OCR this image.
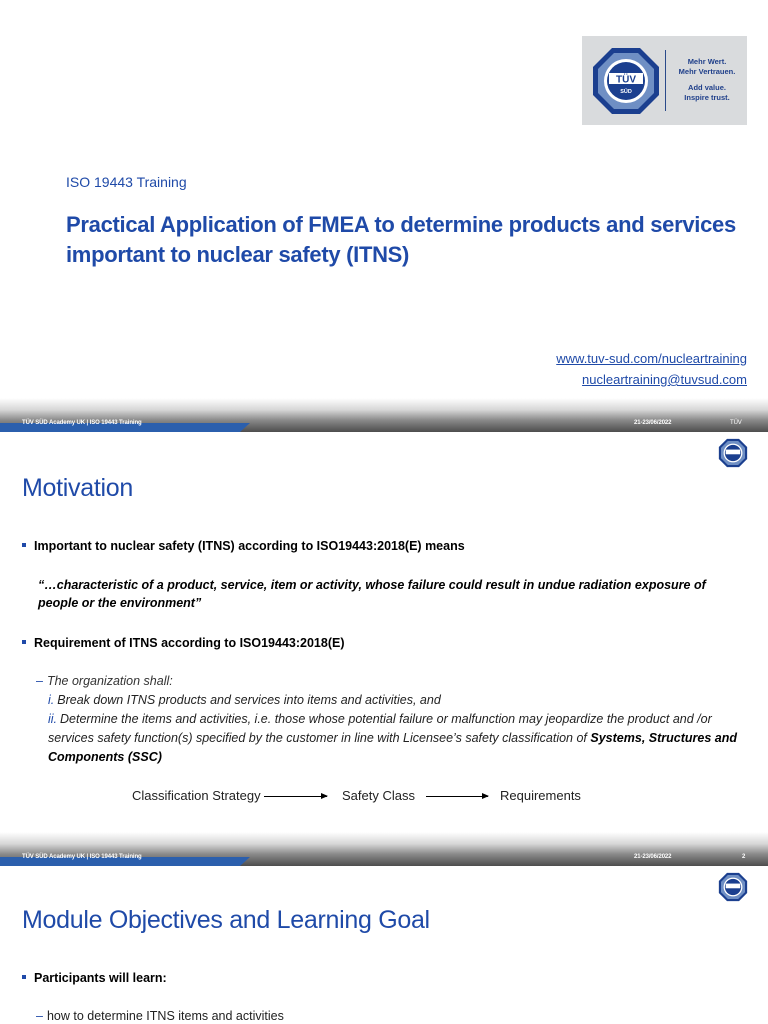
TÜV
SÜD
Mehr Wert.
Mehr Vertrauen.
Add value.
Inspire trust.
ISO 19443 Training
Practical Application of FMEA to determine products and services important to nuclear safety (ITNS)
www.tuv-sud.com/nucleartraining
nucleartraining@tuvsud.com
TÜV SÜD Academy UK | ISO 19443 Training	21-23/06/2022	TÜV
Motivation
Important to nuclear safety (ITNS) according to ISO19443:2018(E) means
“…characteristic of a product, service, item or activity, whose failure could result in undue radiation exposure of people or the environment”
Requirement of ITNS according to ISO19443:2018(E)
– The organization shall:
i. Break down ITNS products and services into items and activities, and
ii. Determine the items and activities, i.e. those whose potential failure or malfunction may jeopardize the product and /or services safety function(s) specified by the customer in line with Licensee’s safety classification of Systems, Structures and Components (SSC)
Classification Strategy	Safety Class	Requirements
TÜV SÜD Academy UK | ISO 19443 Training	21-23/06/2022	2
Module Objectives and Learning Goal
Participants will learn:
– how to determine ITNS items and activities
